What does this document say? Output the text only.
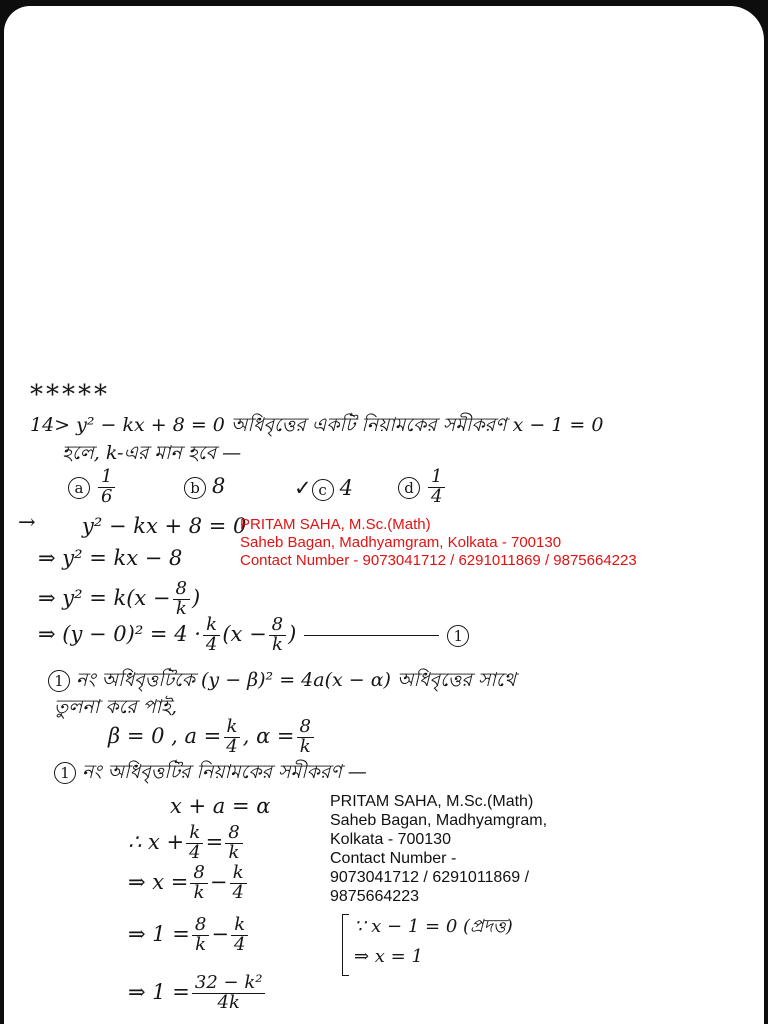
*****
14> y² − kx + 8 = 0 অধিবৃত্তের একটি নিয়ামকের সমীকরণ x − 1 = 0
হলে, k-এর মান হবে —
a $\frac{1}{6}$	b 8	✓ c 4	d $\frac{1}{4}$
→ y² − kx + 8 = 0
⇒ y² = kx − 8
⇒ $y^2 = k(x - \frac{8}{k}$ )
⇒ $(y - 0)^2 = 4 \cdot \frac{k}{4} (x - \frac{8}{k}$ )	1
1 নং অধিবৃত্তটিকে (y − β)² = 4a(x − α) অধিবৃত্তের সাথে
তুলনা করে পাই,
β = 0 , $a = \frac{k}{4}$ , $\alpha = \frac{8}{k}$
1 নং অধিবৃত্তটির নিয়ামকের সমীকরণ —
x + a = α
∴ $x + \frac{k}{4} = \frac{8}{k}$
⇒ $x = \frac{8}{k} - \frac{k}{4}$
⇒ $1 = \frac{8}{k} - \frac{k}{4}$	∵ x − 1 = 0 (প্রদত্ত)
⇒ x = 1
⇒ $1 = \frac{\text{32 − k²}}{4k}$
PRITAM SAHA, M.Sc.(Math)
Saheb Bagan, Madhyamgram, Kolkata - 700130
Contact Number - 9073041712 / 6291011869 / 9875664223
PRITAM SAHA, M.Sc.(Math)
Saheb Bagan, Madhyamgram,
Kolkata - 700130
Contact Number -
9073041712 / 6291011869 /
9875664223
